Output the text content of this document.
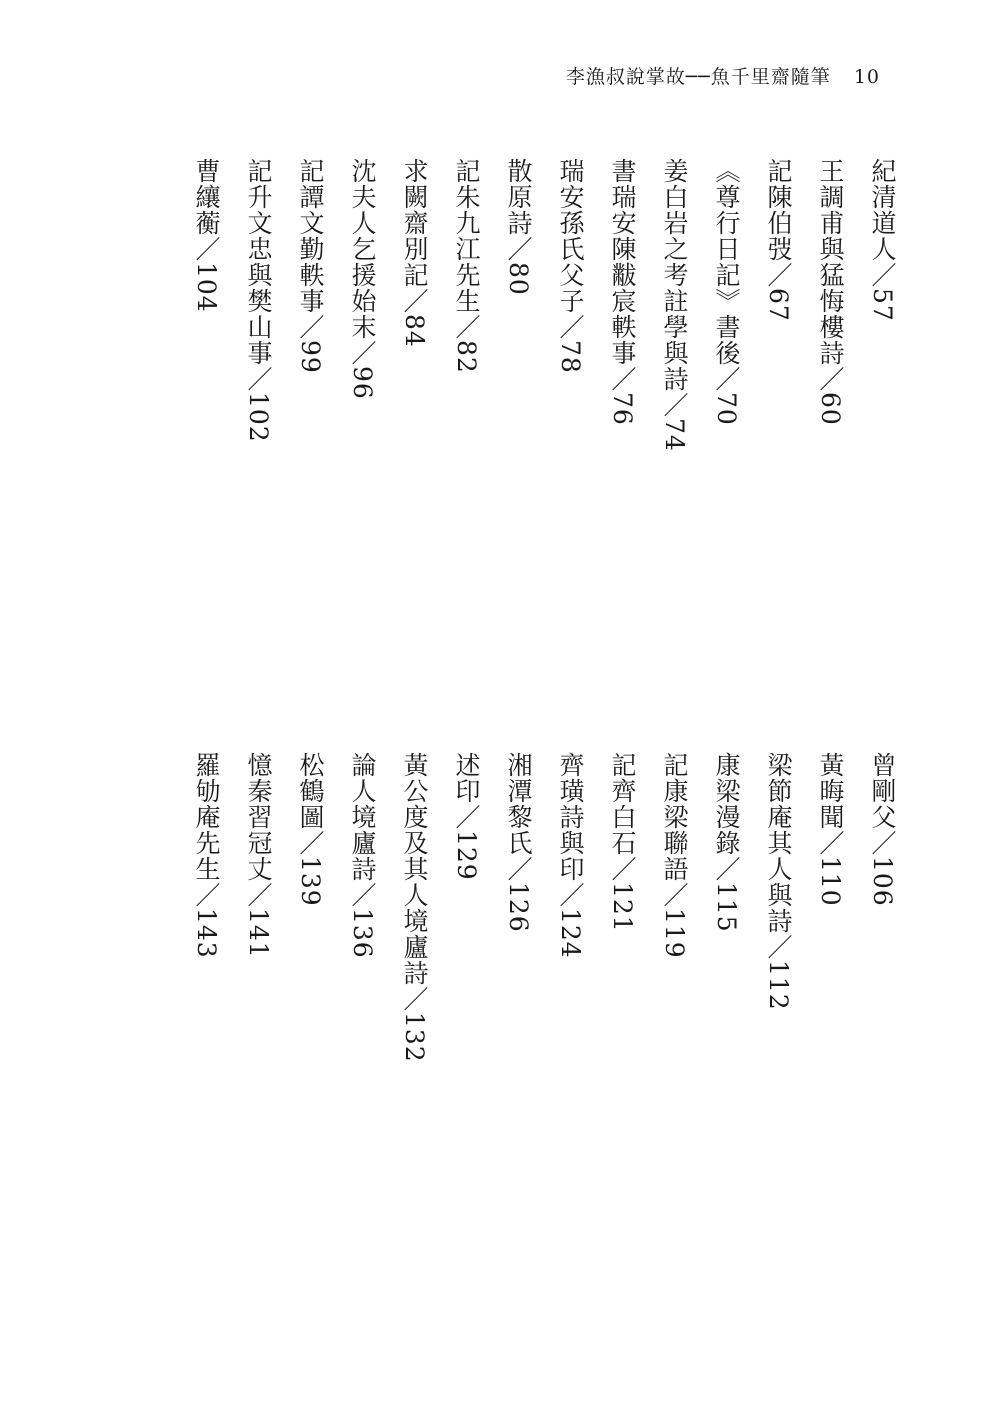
李漁叔說掌故──魚千里齋隨筆 10
紀清道人／57
王調甫與猛悔樓詩／60
記陳伯弢／67
《尊行日記》書後／70
姜白岩之考註學與詩／74
書瑞安陳黻宸軼事／76
瑞安孫氏父子／78
散原詩／80
記朱九江先生／82
求闕齋別記／84
沈夫人乞援始末／96
記譚文勤軼事／99
記升文忠與樊山事／102
曹纕蘅／104
曾剛父／106
黃晦聞／110
梁節庵其人與詩／112
康梁漫錄／115
記康梁聯語／119
記齊白石／121
齊璜詩與印／124
湘潭黎氏／126
述印／129
黃公度及其人境廬詩／132
論人境廬詩／136
松鶴圖／139
憶秦習冠丈／141
羅劬庵先生／143
